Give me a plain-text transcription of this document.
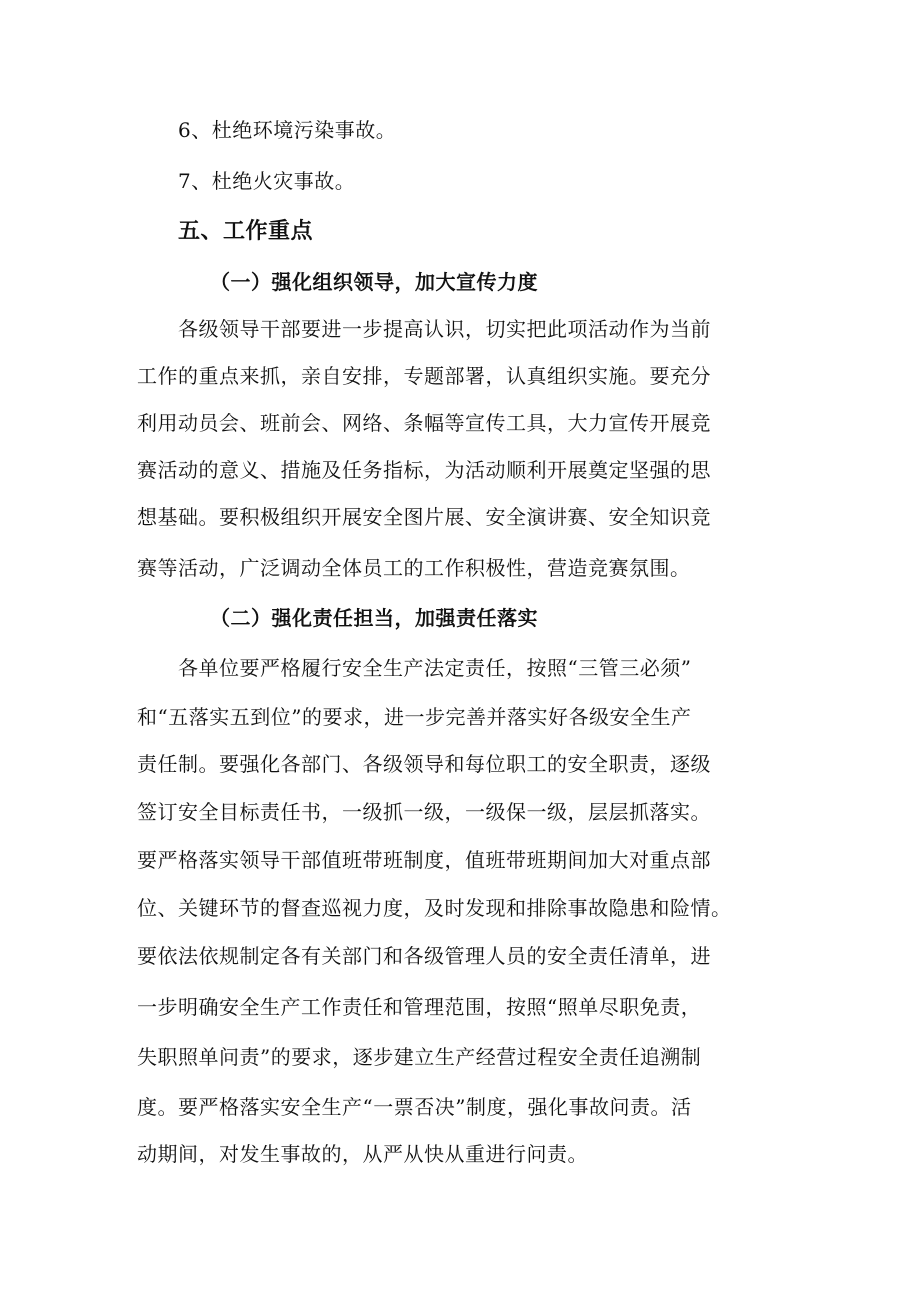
6、杜绝环境污染事故。
7、杜绝火灾事故。
五、工作重点
（一）强化组织领导，加大宣传力度
各级领导干部要进一步提高认识，切实把此项活动作为当前
工作的重点来抓，亲自安排，专题部署，认真组织实施。要充分
利用动员会、班前会、网络、条幅等宣传工具，大力宣传开展竞
赛活动的意义、措施及任务指标，为活动顺利开展奠定坚强的思
想基础。要积极组织开展安全图片展、安全演讲赛、安全知识竞
赛等活动，广泛调动全体员工的工作积极性，营造竞赛氛围。
（二）强化责任担当，加强责任落实
各单位要严格履行安全生产法定责任，按照“三管三必须”
和“五落实五到位”的要求，进一步完善并落实好各级安全生产
责任制。要强化各部门、各级领导和每位职工的安全职责，逐级
签订安全目标责任书，一级抓一级，一级保一级，层层抓落实。
要严格落实领导干部值班带班制度，值班带班期间加大对重点部
位、关键环节的督查巡视力度，及时发现和排除事故隐患和险情。
要依法依规制定各有关部门和各级管理人员的安全责任清单，进
一步明确安全生产工作责任和管理范围，按照“照单尽职免责，
失职照单问责”的要求，逐步建立生产经营过程安全责任追溯制
度。要严格落实安全生产“一票否决”制度，强化事故问责。活
动期间，对发生事故的，从严从快从重进行问责。
